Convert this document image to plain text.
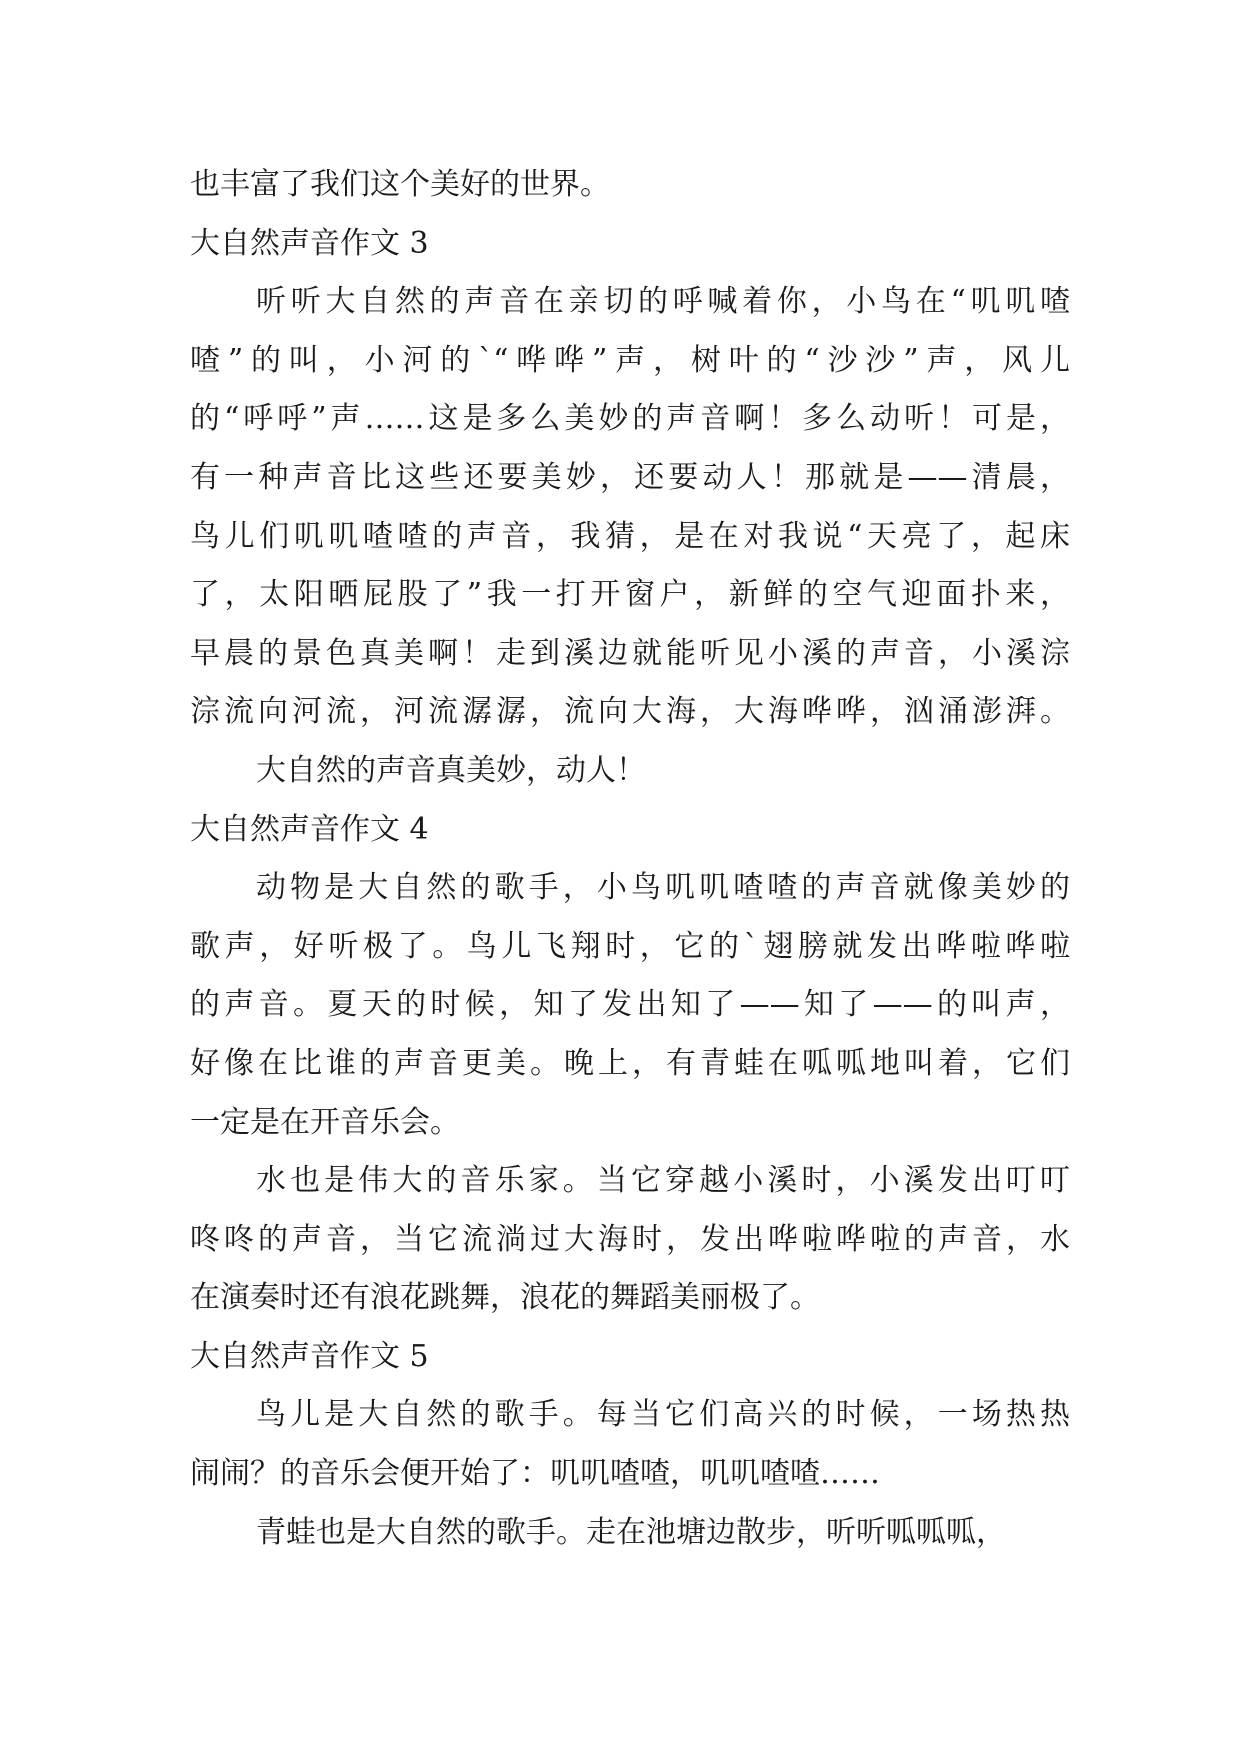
也丰富了我们这个美好的世界。
大自然声音作文 3
听听大自然的声音在亲切的呼喊着你，小鸟在“叽叽喳
喳”的叫，小河的`“哗哗”声，树叶的“沙沙”声，风儿
的“呼呼”声……这是多么美妙的声音啊！多么动听！可是，
有一种声音比这些还要美妙，还要动人！那就是——清晨，
鸟儿们叽叽喳喳的声音，我猜，是在对我说“天亮了，起床
了，太阳晒屁股了”我一打开窗户，新鲜的空气迎面扑来，
早晨的景色真美啊！走到溪边就能听见小溪的声音，小溪淙
淙流向河流，河流潺潺，流向大海，大海哗哗，汹涌澎湃。
大自然的声音真美妙，动人！
大自然声音作文 4
动物是大自然的歌手，小鸟叽叽喳喳的声音就像美妙的
歌声，好听极了。鸟儿飞翔时，它的`翅膀就发出哗啦哗啦
的声音。夏天的时候，知了发出知了——知了——的叫声，
好像在比谁的声音更美。晚上，有青蛙在呱呱地叫着，它们
一定是在开音乐会。
水也是伟大的音乐家。当它穿越小溪时，小溪发出叮叮
咚咚的声音，当它流淌过大海时，发出哗啦哗啦的声音，水
在演奏时还有浪花跳舞，浪花的舞蹈美丽极了。
大自然声音作文 5
鸟儿是大自然的歌手。每当它们高兴的时候，一场热热
闹闹？的音乐会便开始了：叽叽喳喳，叽叽喳喳……
青蛙也是大自然的歌手。走在池塘边散步，听听呱呱呱，
